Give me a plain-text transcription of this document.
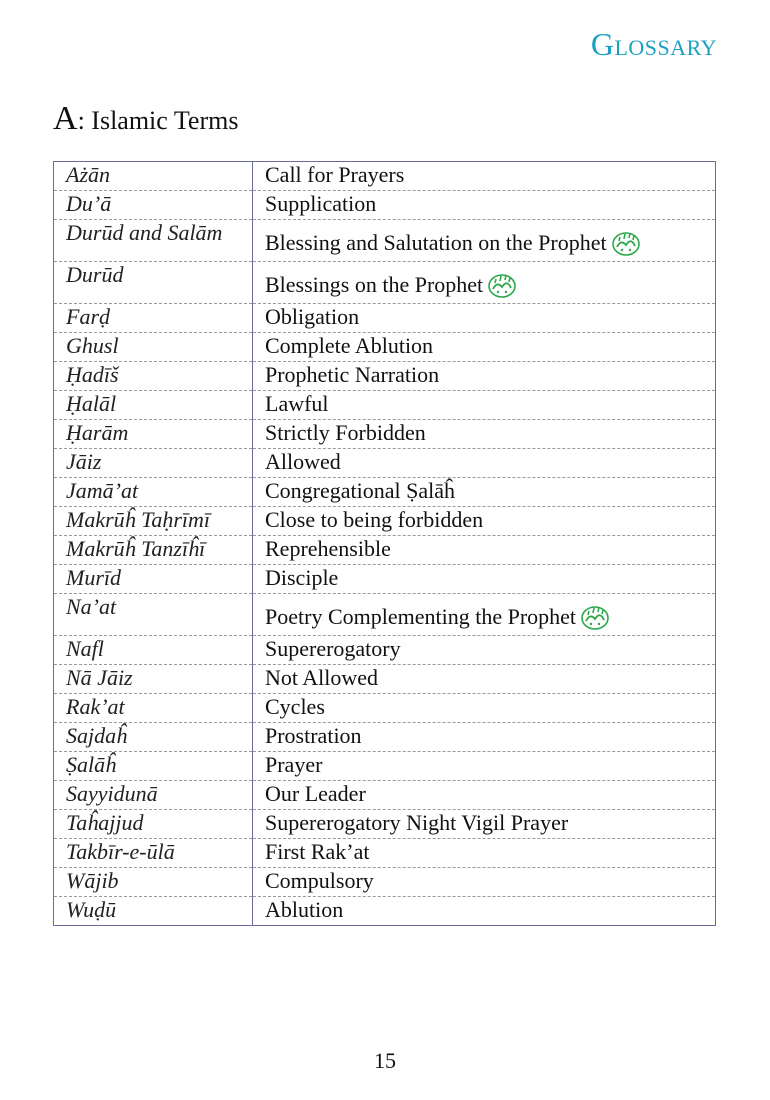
Glossary
A: Islamic Terms
Ażān	Call for Prayers
Du’ā	Supplication
Durūd and Salām	Blessing and Salutation on the Prophet
Durūd	Blessings on the Prophet
Farḍ	Obligation
Ghusl	Complete Ablution
Ḥadīš	Prophetic Narration
Ḥalāl	Lawful
Ḥarām	Strictly Forbidden
Jāiz	Allowed
Jamā’at	Congregational Ṣalāĥ
Makrūĥ Taḥrīmī	Close to being forbidden
Makrūĥ Tanzīĥī	Reprehensible
Murīd	Disciple
Na’at	Poetry Complementing the Prophet
Nafl	Supererogatory
Nā Jāiz	Not Allowed
Rak’at	Cycles
Sajdaĥ	Prostration
Ṣalāĥ	Prayer
Sayyidunā	Our Leader
Taĥajjud	Supererogatory Night Vigil Prayer
Takbīr-e-ūlā	First Rak’at
Wājib	Compulsory
Wuḍū	Ablution
15
